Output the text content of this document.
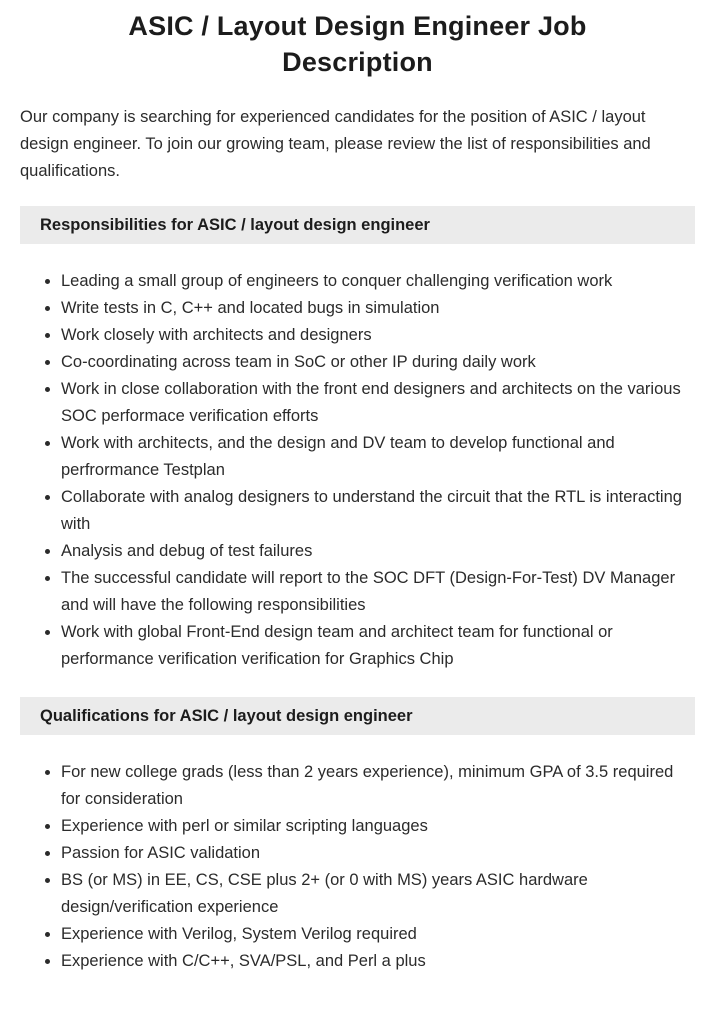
ASIC / Layout Design Engineer Job
Description

Our company is searching for experienced candidates for the position of ASIC / layout design engineer. To join our growing team, please review the list of responsibilities and qualifications.

Responsibilities for ASIC / layout design engineer
• Leading a small group of engineers to conquer challenging verification work
• Write tests in C, C++ and located bugs in simulation
• Work closely with architects and designers
• Co-coordinating across team in SoC or other IP during daily work
• Work in close collaboration with the front end designers and architects on the various SOC performace verification efforts
• Work with architects, and the design and DV team to develop functional and perfrormance Testplan
• Collaborate with analog designers to understand the circuit that the RTL is interacting with
• Analysis and debug of test failures
• The successful candidate will report to the SOC DFT (Design-For-Test) DV Manager and will have the following responsibilities
• Work with global Front-End design team and architect team for functional or performance verification verification for Graphics Chip
Qualifications for ASIC / layout design engineer
• For new college grads (less than 2 years experience), minimum GPA of 3.5 required for consideration
• Experience with perl or similar scripting languages
• Passion for ASIC validation
• BS (or MS) in EE, CS, CSE plus 2+ (or 0 with MS) years ASIC hardware design/verification experience
• Experience with Verilog, System Verilog required
• Experience with C/C++, SVA/PSL, and Perl a plus
